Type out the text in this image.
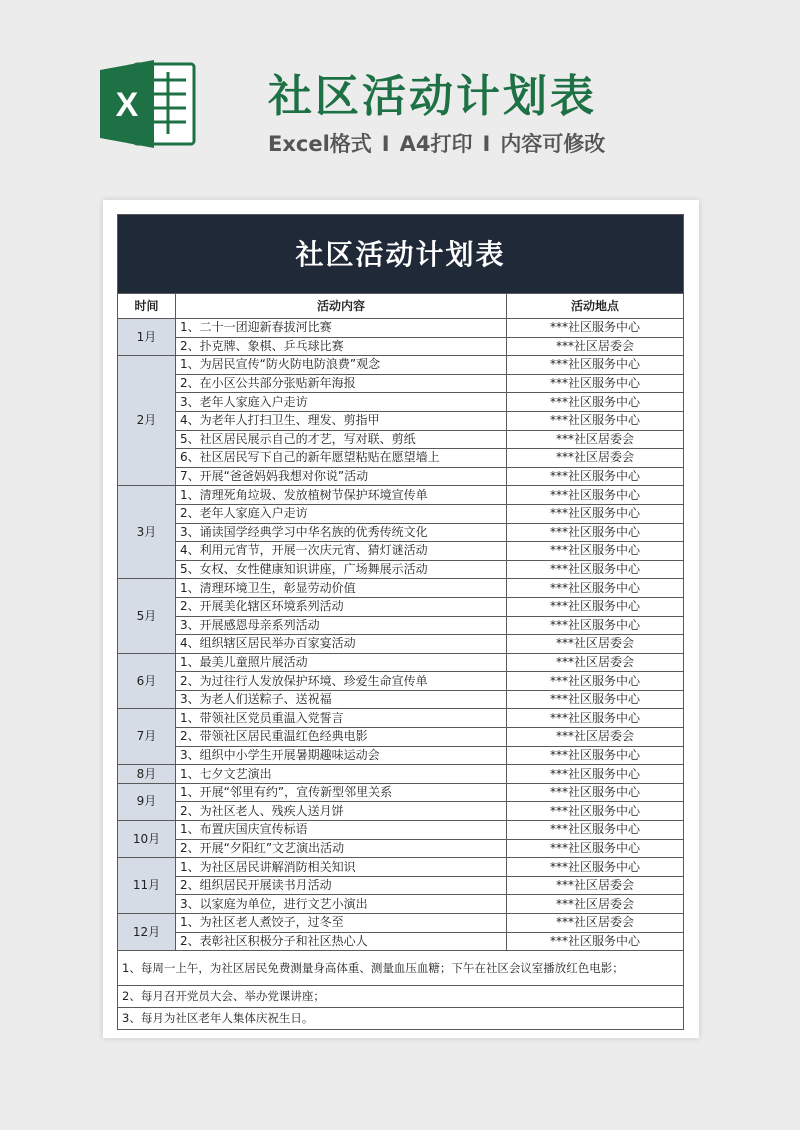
X	社区活动计划表
Excel格式 I A4打印 I 内容可修改
社区活动计划表		
时间	活动内容	活动地点
1月	1、二十一团迎新春拔河比赛	***社区服务中心
	2、扑克牌、象棋、乒乓球比赛	***社区居委会
2月	1、为居民宣传“防火防电防浪费”观念	***社区服务中心
	2、在小区公共部分张贴新年海报	***社区服务中心
	3、老年人家庭入户走访	***社区服务中心
	4、为老年人打扫卫生、理发、剪指甲	***社区服务中心
	5、社区居民展示自己的才艺，写对联、剪纸	***社区居委会
	6、社区居民写下自己的新年愿望粘贴在愿望墙上	***社区居委会
	7、开展“爸爸妈妈我想对你说”活动	***社区服务中心
3月	1、清理死角垃圾、发放植树节保护环境宣传单	***社区服务中心
	2、老年人家庭入户走访	***社区服务中心
	3、诵读国学经典学习中华名族的优秀传统文化	***社区服务中心
	4、利用元宵节，开展一次庆元宵、猜灯谜活动	***社区服务中心
	5、女权、女性健康知识讲座，广场舞展示活动	***社区服务中心
5月	1、清理环境卫生，彰显劳动价值	***社区服务中心
	2、开展美化辖区环境系列活动	***社区服务中心
	3、开展感恩母亲系列活动	***社区服务中心
	4、组织辖区居民举办百家宴活动	***社区居委会
6月	1、最美儿童照片展活动	***社区居委会
	2、为过往行人发放保护环境、珍爱生命宣传单	***社区服务中心
	3、为老人们送粽子、送祝福	***社区服务中心
7月	1、带领社区党员重温入党誓言	***社区服务中心
	2、带领社区居民重温红色经典电影	***社区居委会
	3、组织中小学生开展暑期趣味运动会	***社区服务中心
8月	1、七夕文艺演出	***社区服务中心
9月	1、开展“邻里有约”，宣传新型邻里关系	***社区服务中心
	2、为社区老人、残疾人送月饼	***社区服务中心
10月	1、布置庆国庆宣传标语	***社区服务中心
	2、开展“夕阳红”文艺演出活动	***社区服务中心
11月	1、为社区居民讲解消防相关知识	***社区服务中心
	2、组织居民开展读书月活动	***社区居委会
	3、以家庭为单位，进行文艺小演出	***社区居委会
12月	1、为社区老人煮饺子，过冬至	***社区居委会
	2、表彰社区积极分子和社区热心人	***社区服务中心
1、每周一上午，为社区居民免费测量身高体重、测量血压血糖；下午在社区会议室播放红色电影；		
2、每月召开党员大会、举办党课讲座；		
3、每月为社区老年人集体庆祝生日。		
